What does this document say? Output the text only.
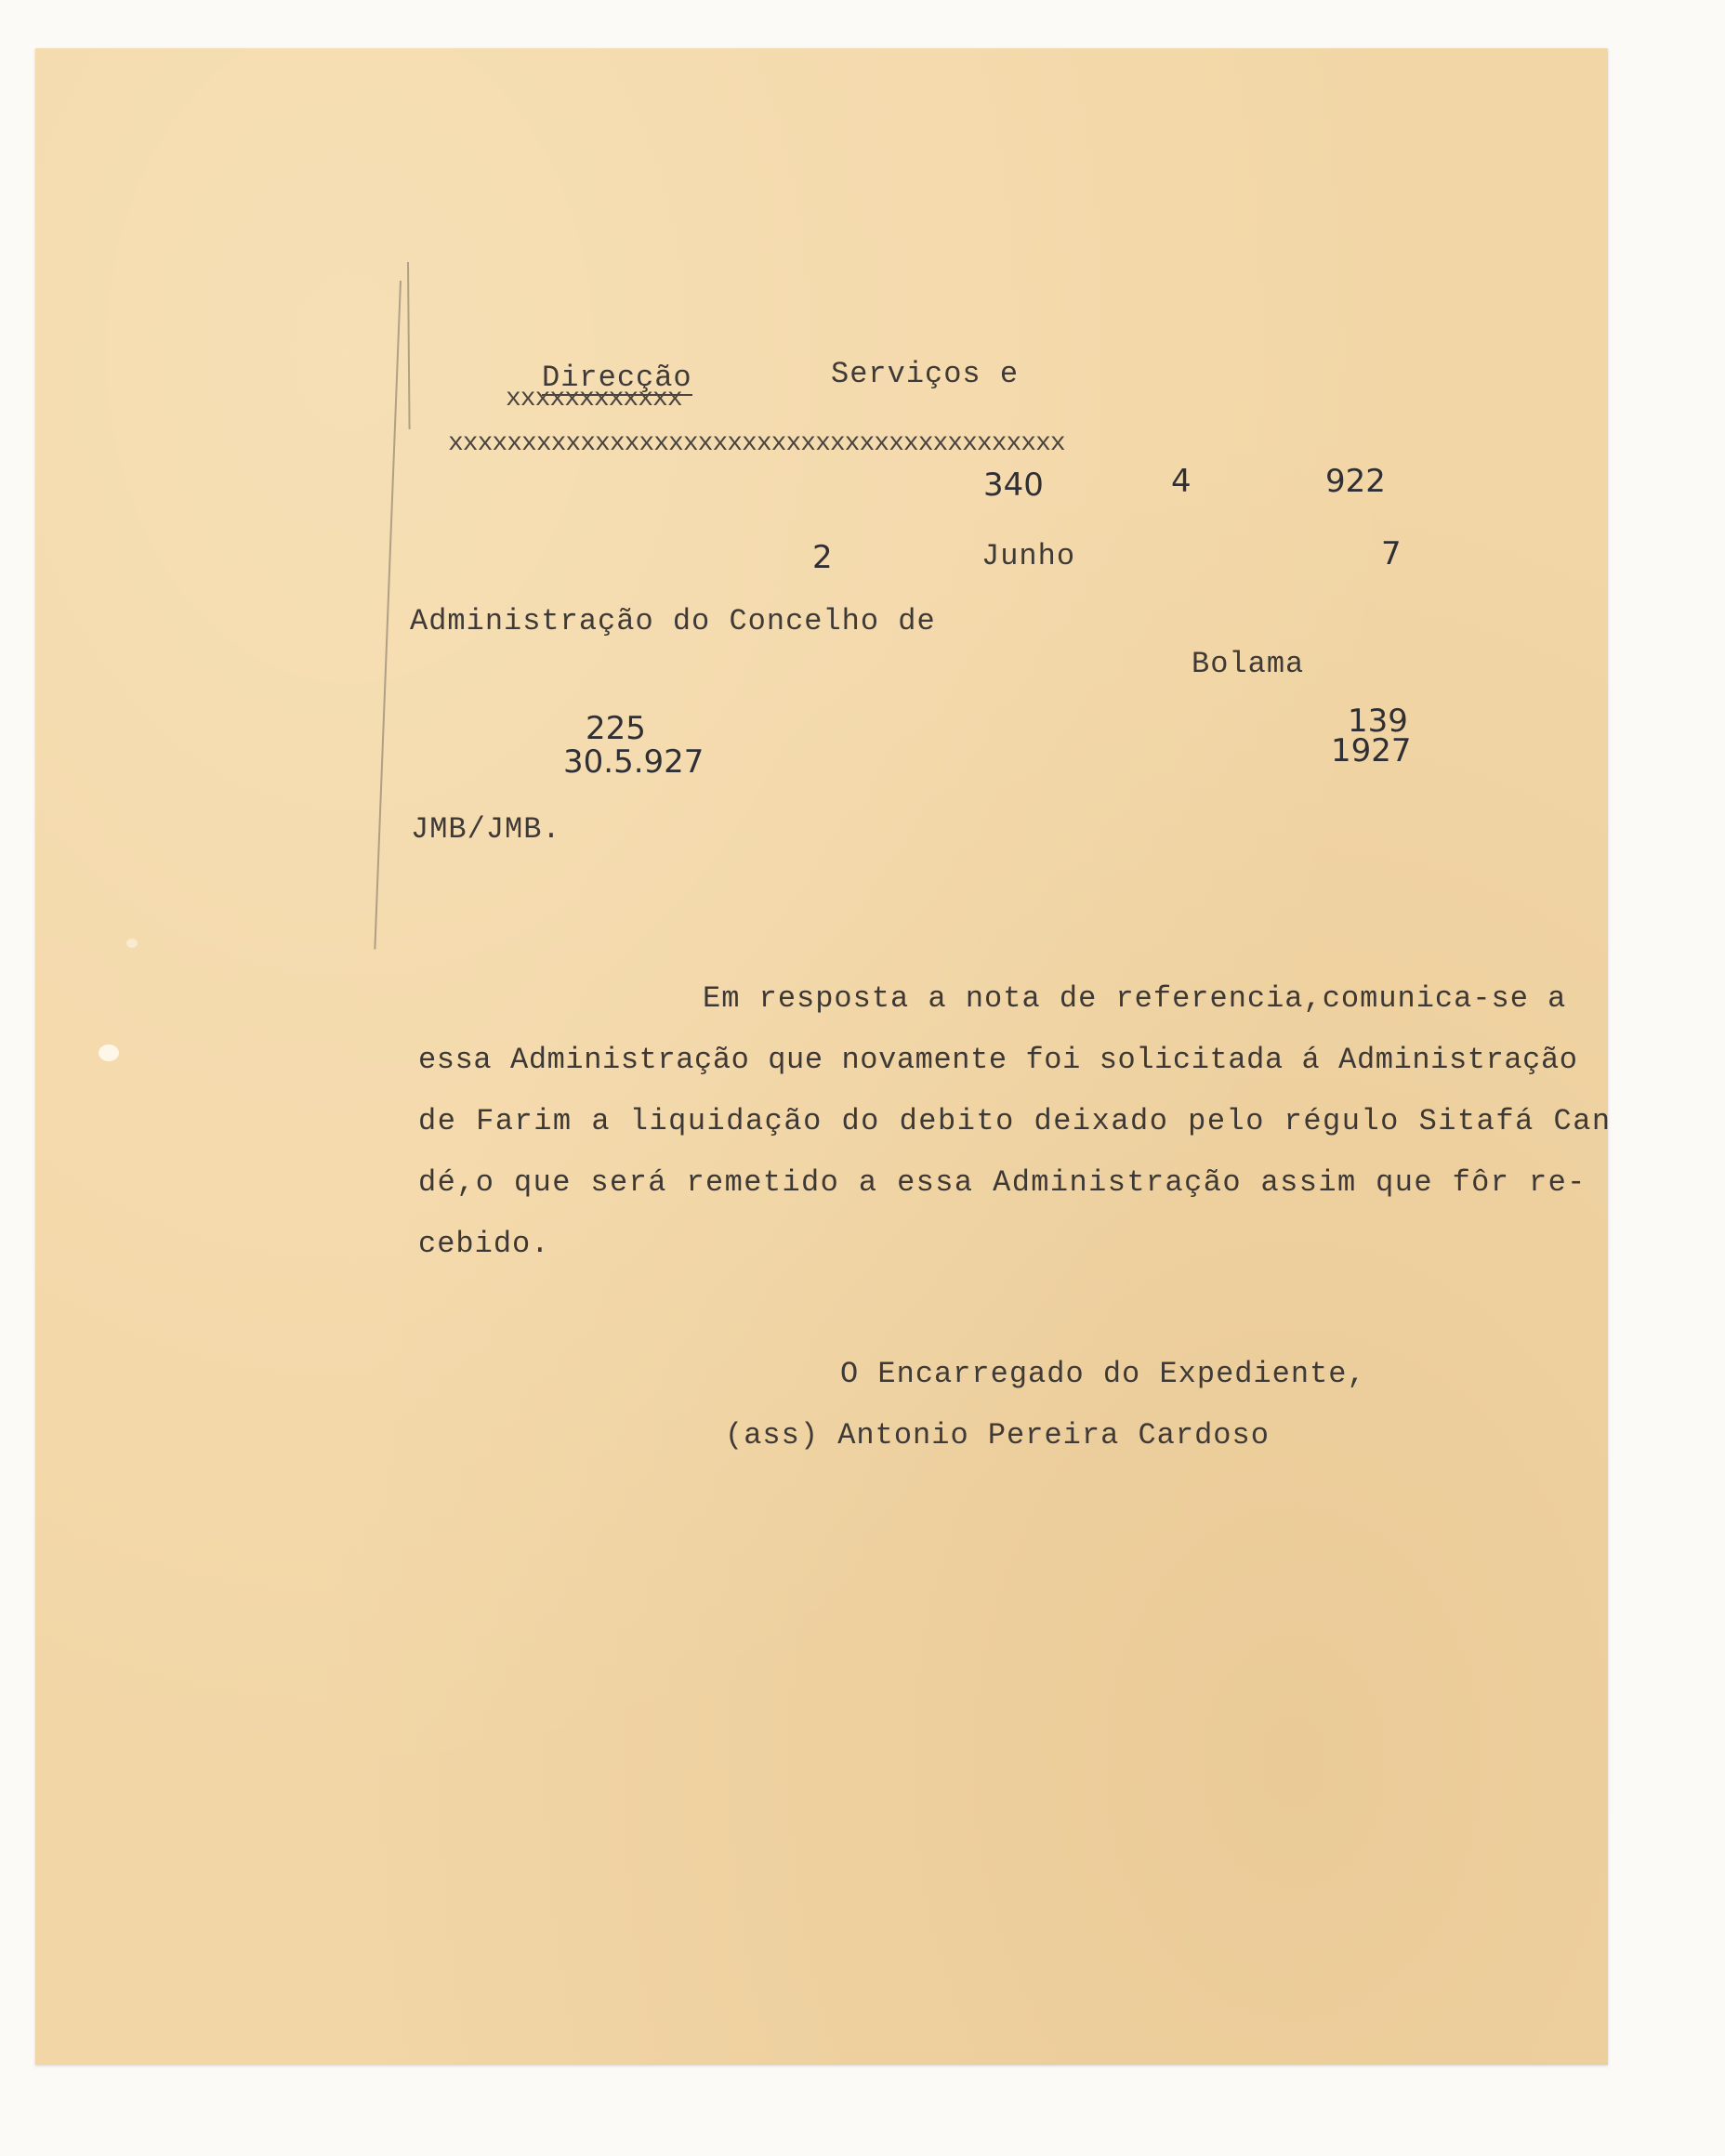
Direcção
xxxxxxxxxxxx
Serviços e
xxxxxxxxxxxxxxxxxxxxxxxxxxxxxxxxxxxxxxxxxx
340	4	922
2	Junho	7
Administração do Concelho de
Bolama
225
30.5.927
139
1927
JMB/JMB.
Em resposta a nota de referencia,comunica-se a
essa Administração que novamente foi solicitada á Administração
de Farim a liquidação do debito deixado pelo régulo Sitafá Can
dé,o que será remetido a essa Administração assim que fôr re-
cebido.
O Encarregado do Expediente,
(ass) Antonio Pereira Cardoso
